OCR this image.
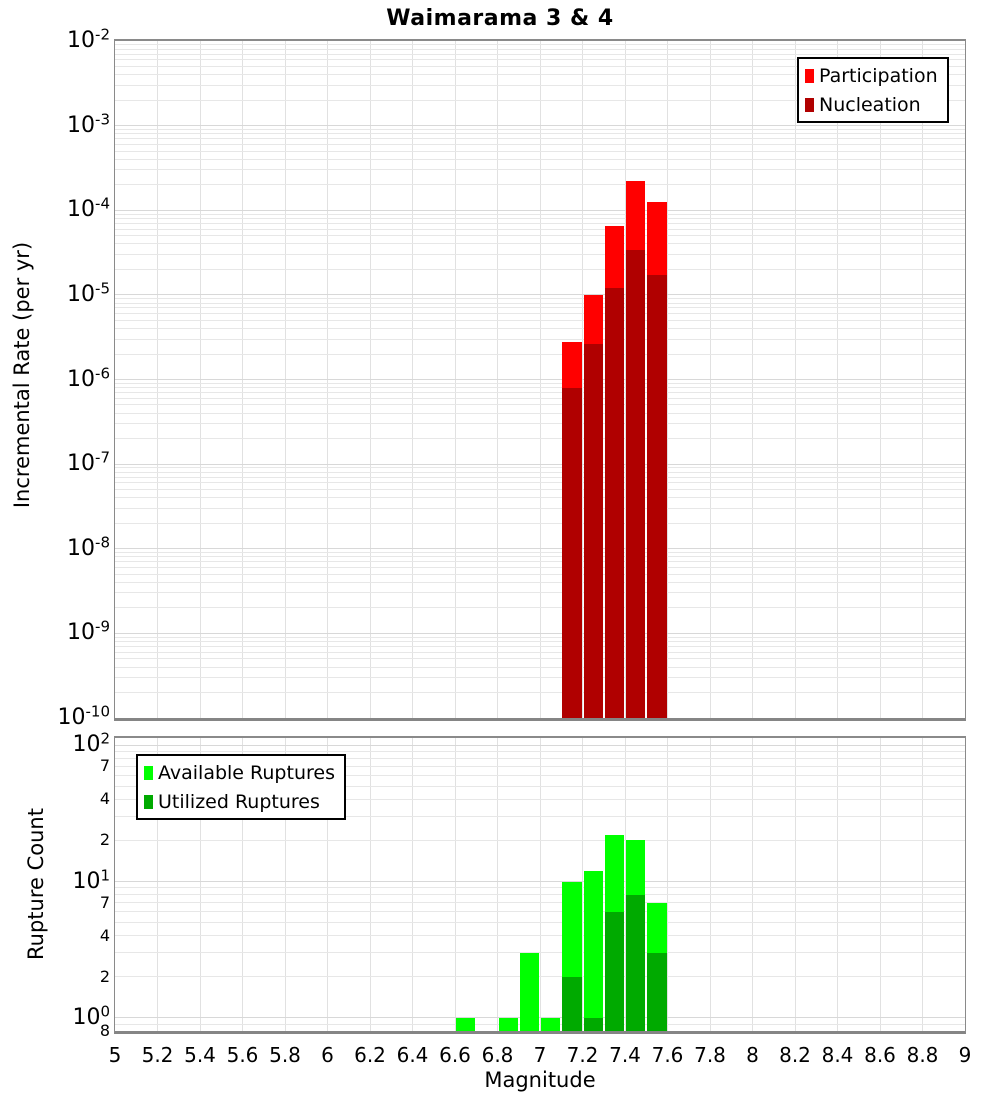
Waimarama 3 & 4
Incremental Rate (per yr)
Rupture Count
Magnitude
$10^{-2}$
$10^{-3}$
$10^{-4}$
$10^{-5}$
$10^{-6}$
$10^{-7}$
$10^{-8}$
$10^{-9}$
$10^{-10}$
Participation
Nucleation
$10^2$
7
4
2
$10^1$
7
4
2
$10^0$
8
5	5.2 5.4 5.6 5.8	6	6.2 6.4 6.6 6.8	7	7.2 7.4 7.6 7.8	8	8.2 8.4 8.6 8.8	9
Available Ruptures
Utilized Ruptures
